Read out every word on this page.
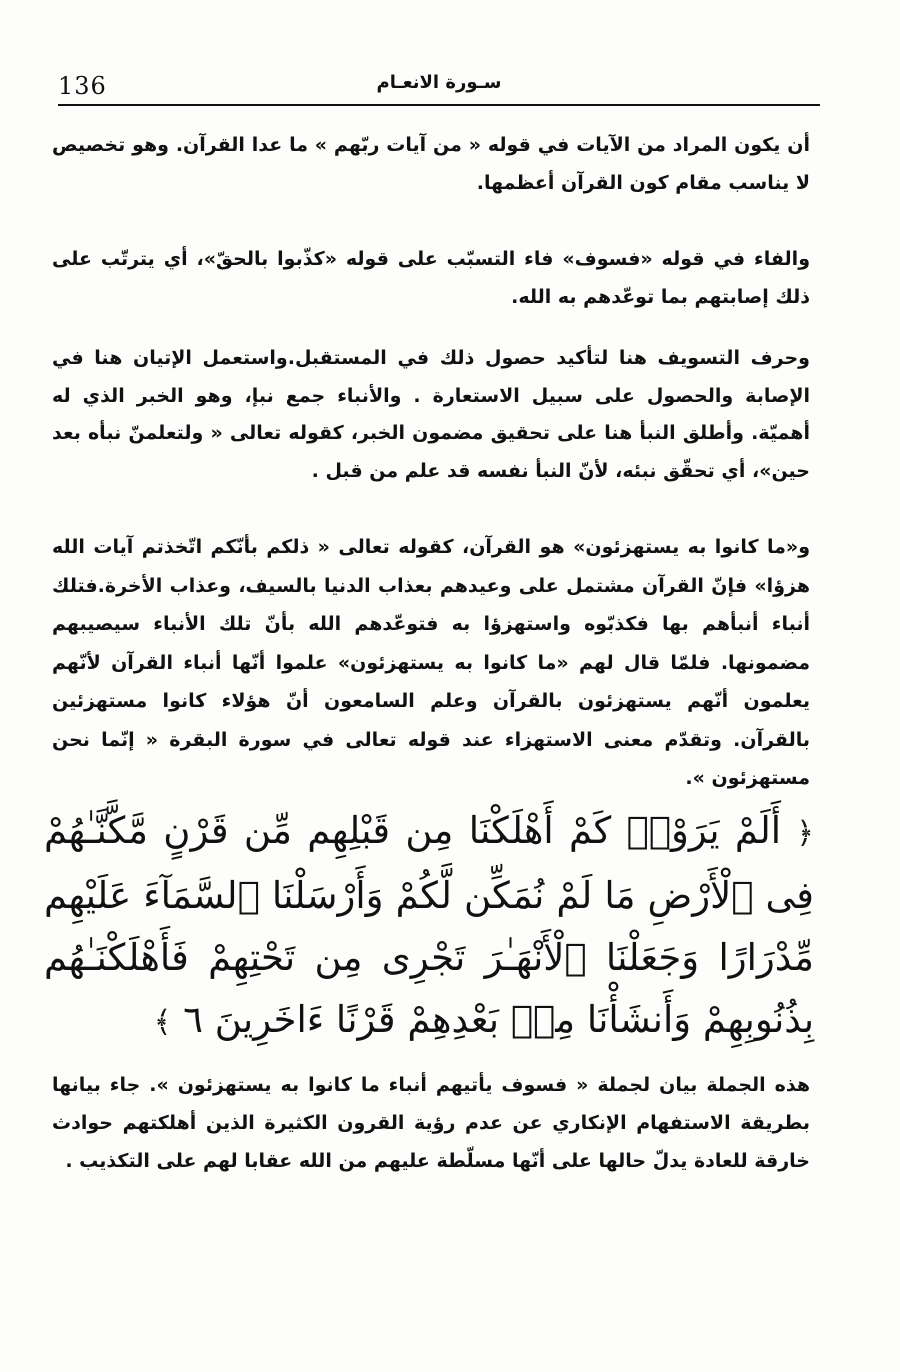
136	سـورة الانعـام

أن يكون المراد من الآيات في قوله « من آيات ربّهم » ما عدا القرآن. وهو تخصيص لا يناسب مقام كون القرآن أعظمها.

والفاء في قوله «فسوف» فاء التسبّب على قوله «كذّبوا بالحقّ»، أي يترتّب على ذلك إصابتهم بما توعّدهم به الله.

وحرف التسويف هنا لتأكيد حصول ذلك في المستقبل.واستعمل الإتيان هنا في الإصابة والحصول على سبيل الاستعارة . والأنباء جمع نبإ، وهو الخبر الذي له أهميّة. وأطلق النبأ هنا على تحقيق مضمون الخبر، كقوله تعالى « ولتعلمنّ نبأه بعد حين»، أي تحقّق نبئه، لأنّ النبأ نفسه قد علم من قبل .

و«ما كانوا به يستهزئون» هو القرآن، كقوله تعالى « ذلكم بأنّكم اتّخذتم آيات الله هزؤا» فإنّ القرآن مشتمل على وعيدهم بعذاب الدنيا بالسيف، وعذاب الأخرة.فتلك أنباء أنبأهم بها فكذبّوه واستهزؤا به فتوعّدهم الله بأنّ تلك الأنباء سيصيبهم مضمونها. فلمّا قال لهم «ما كانوا به يستهزئون» علموا أنّها أنباء القرآن لأنّهم يعلمون أنّهم يستهزئون بالقرآن وعلم السامعون أنّ هؤلاء كانوا مستهزئين بالقرآن. وتقدّم معنى الاستهزاء عند قوله تعالى في سورة البقرة « إنّما نحن مستهزئون ».

﴿ أَلَمْ يَرَوْا۟ كَمْ أَهْلَكْنَا مِن قَبْلِهِم مِّن قَرْنٍ مَّكَّنَّـٰهُمْ فِى ٱلْأَرْضِ مَا لَمْ نُمَكِّن لَّكُمْ وَأَرْسَلْنَا ٱلسَّمَآءَ عَلَيْهِم مِّدْرَارًا وَجَعَلْنَا ٱلْأَنْهَـٰرَ تَجْرِى مِن تَحْتِهِمْ فَأَهْلَكْنَـٰهُم بِذُنُوبِهِمْ وَأَنشَأْنَا مِنۢ بَعْدِهِمْ قَرْنًا ءَاخَرِينَ ٦ ﴾

هذه الجملة بيان لجملة « فسوف يأتيهم أنباء ما كانوا به يستهزئون ». جاء بيانها بطريقة الاستفهام الإنكاري عن عدم رؤية القرون الكثيرة الذين أهلكتهم حوادث خارقة للعادة يدلّ حالها على أنّها مسلّطة عليهم من الله عقابا لهم على التكذيب .
